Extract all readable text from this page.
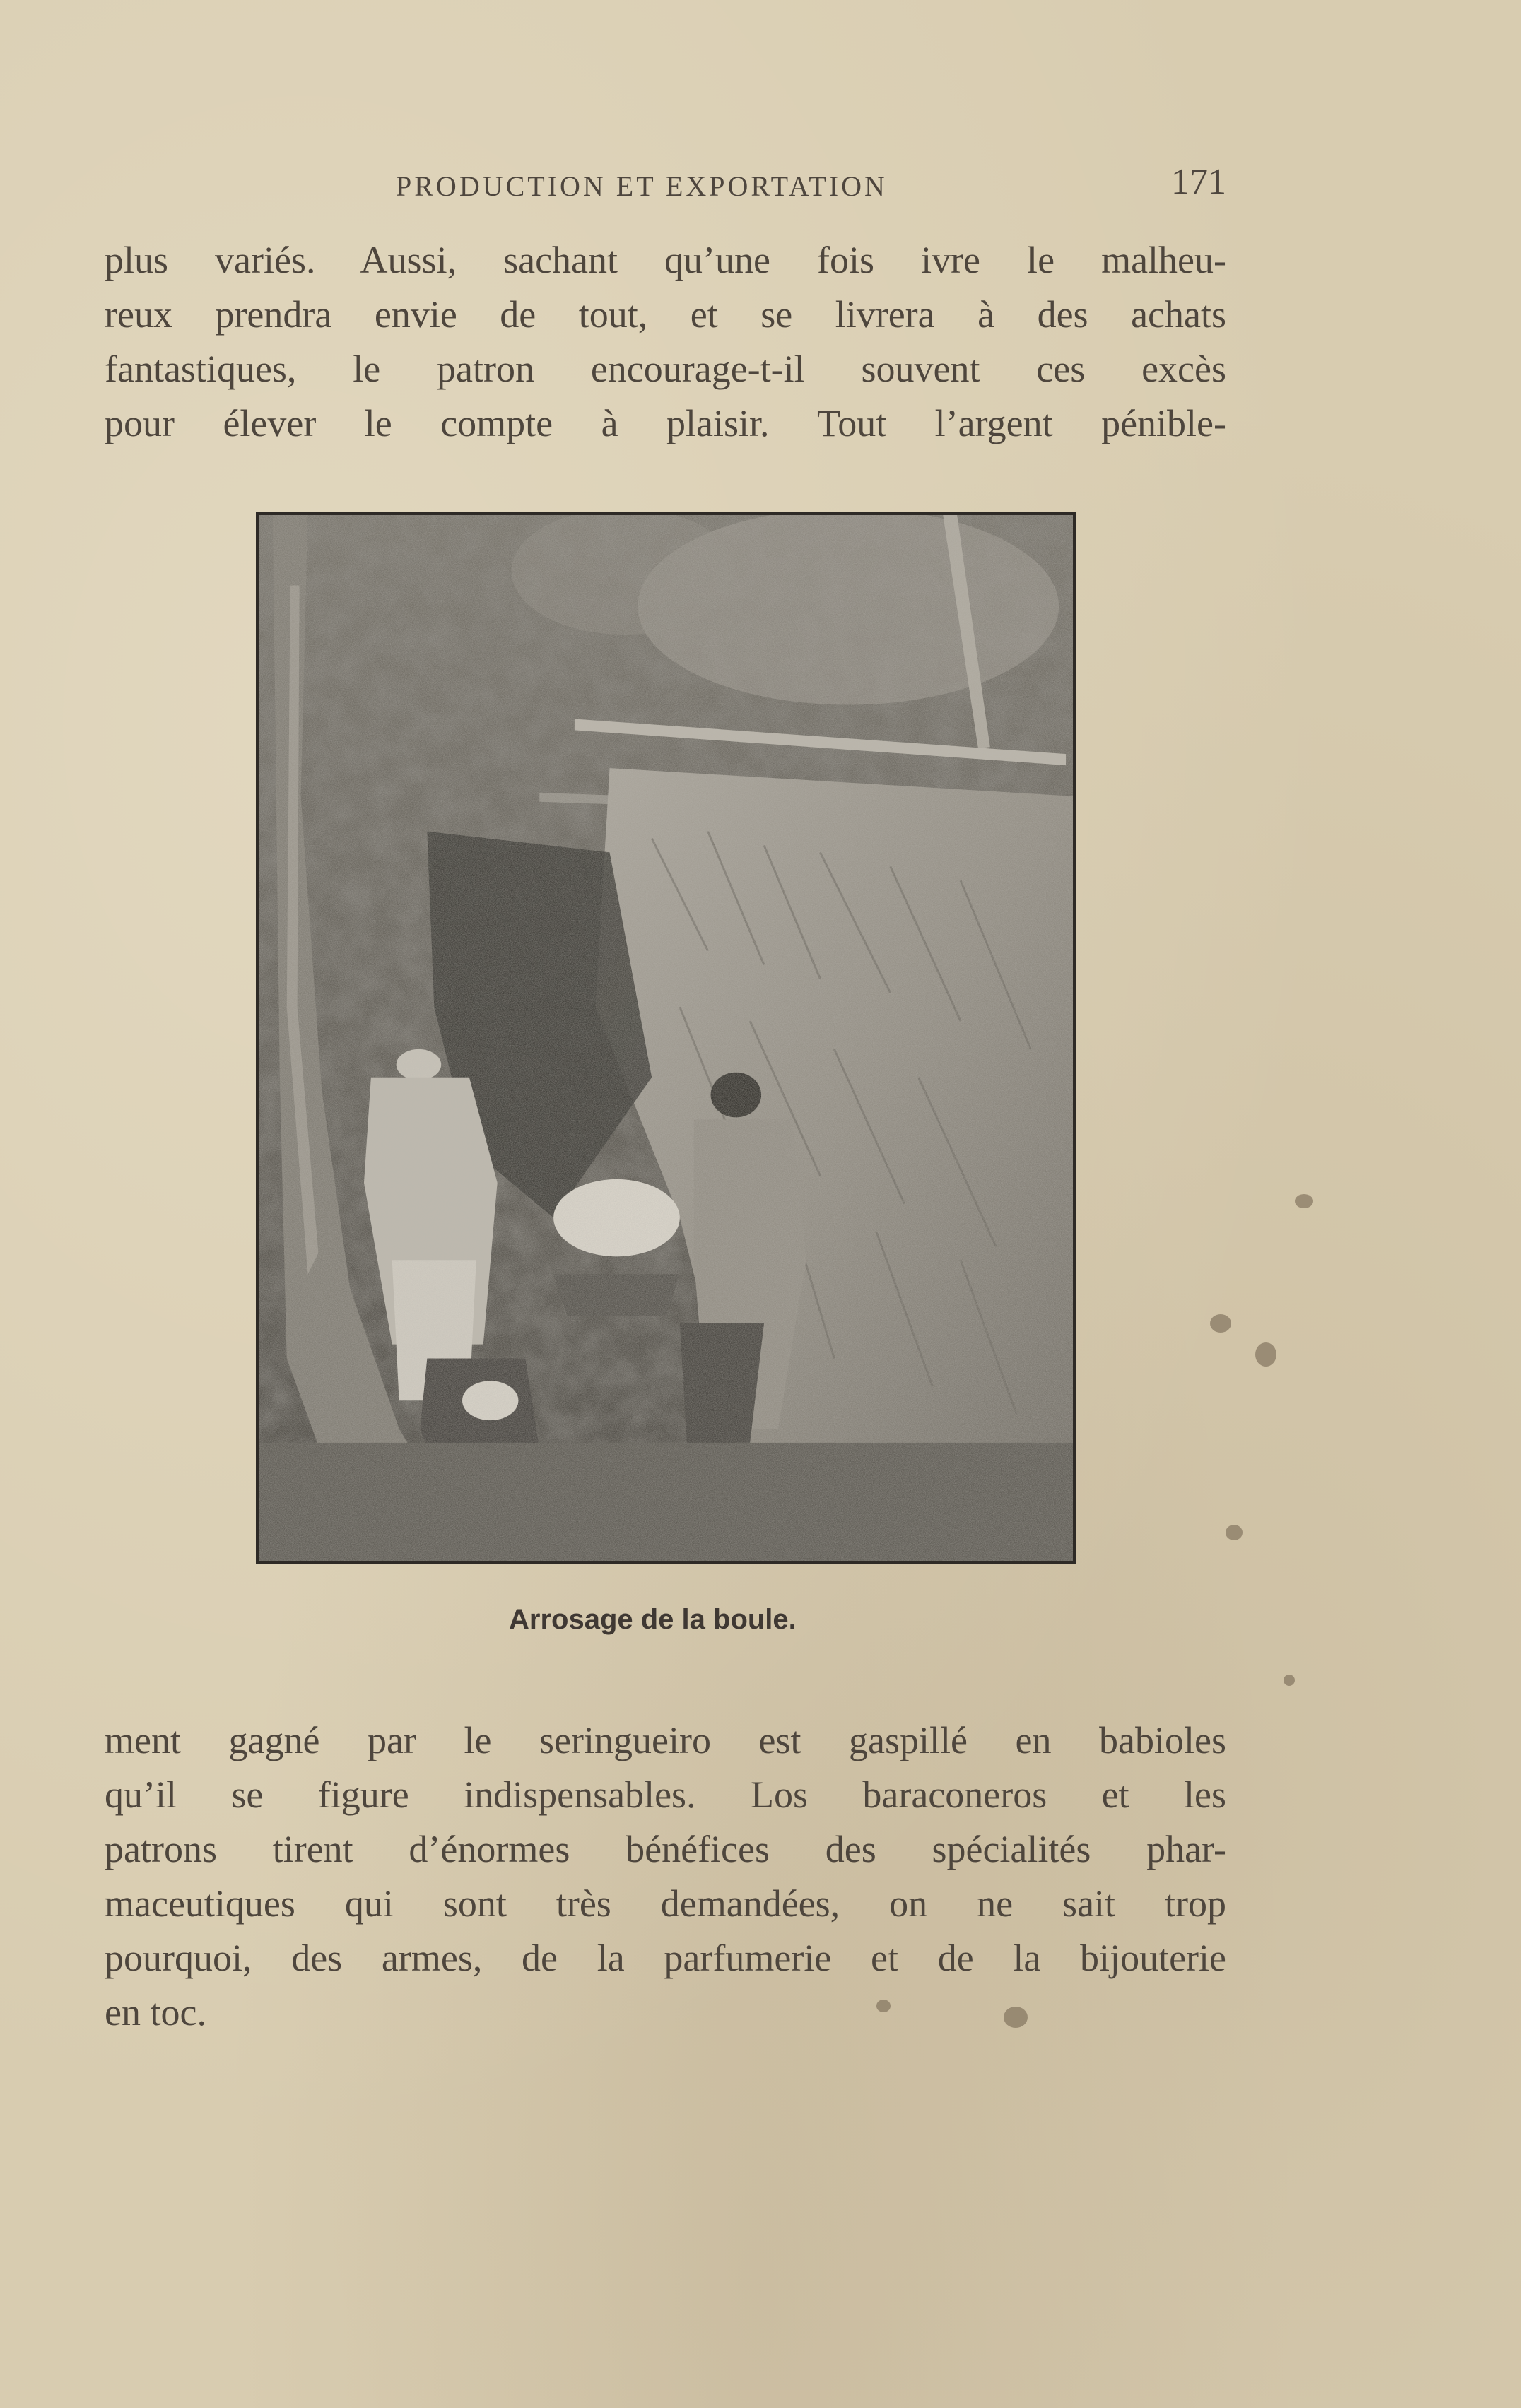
PRODUCTION ET EXPORTATION	171

plus variés. Aussi, sachant qu’une fois ivre le malheu-
reux prendra envie de tout, et se livrera à des achats
fantastiques, le patron encourage-t-il souvent ces excès
pour élever le compte à plaisir. Tout l’argent pénible-

Arrosage de la boule.

ment gagné par le seringueiro est gaspillé en babioles
qu’il se figure indispensables. Los baraconeros et les
patrons tirent d’énormes bénéfices des spécialités phar-
maceutiques qui sont très demandées, on ne sait trop
pourquoi, des armes, de la parfumerie et de la bijouterie
en toc.
